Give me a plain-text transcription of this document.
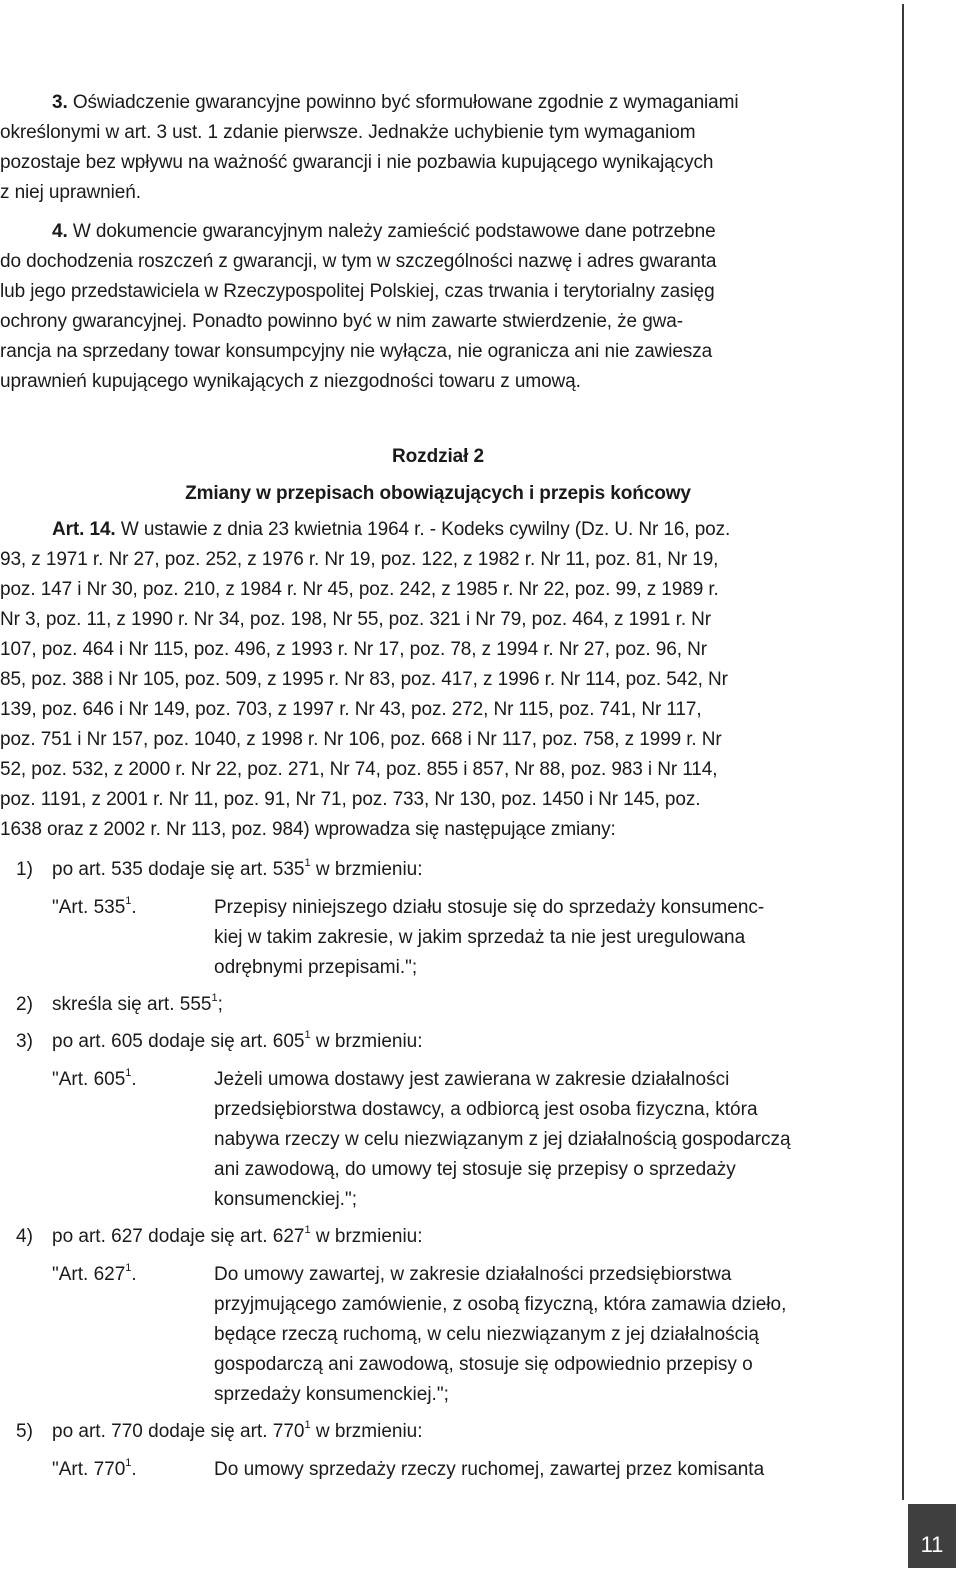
11
3. Oświadczenie gwarancyjne powinno być sformułowane zgodnie z wymaganiami
określonymi w art. 3 ust. 1 zdanie pierwsze. Jednakże uchybienie tym wymaganiom
pozostaje bez wpływu na ważność gwarancji i nie pozbawia kupującego wynikających
z niej uprawnień.
4. W dokumencie gwarancyjnym należy zamieścić podstawowe dane potrzebne
do dochodzenia roszczeń z gwarancji, w tym w szczególności nazwę i adres gwaranta
lub jego przedstawiciela w Rzeczypospolitej Polskiej, czas trwania i terytorialny zasięg
ochrony gwarancyjnej. Ponadto powinno być w nim zawarte stwierdzenie, że gwa-
rancja na sprzedany towar konsumpcyjny nie wyłącza, nie ogranicza ani nie zawiesza
uprawnień kupującego wynikających z niezgodności towaru z umową.
Rozdział 2
Zmiany w przepisach obowiązujących i przepis końcowy
Art. 14. W ustawie z dnia 23 kwietnia 1964 r. - Kodeks cywilny (Dz. U. Nr 16, poz.
93, z 1971 r. Nr 27, poz. 252, z 1976 r. Nr 19, poz. 122, z 1982 r. Nr 11, poz. 81, Nr 19,
poz. 147 i Nr 30, poz. 210, z 1984 r. Nr 45, poz. 242, z 1985 r. Nr 22, poz. 99, z 1989 r.
Nr 3, poz. 11, z 1990 r. Nr 34, poz. 198, Nr 55, poz. 321 i Nr 79, poz. 464, z 1991 r. Nr
107, poz. 464 i Nr 115, poz. 496, z 1993 r. Nr 17, poz. 78, z 1994 r. Nr 27, poz. 96, Nr
85, poz. 388 i Nr 105, poz. 509, z 1995 r. Nr 83, poz. 417, z 1996 r. Nr 114, poz. 542, Nr
139, poz. 646 i Nr 149, poz. 703, z 1997 r. Nr 43, poz. 272, Nr 115, poz. 741, Nr 117,
poz. 751 i Nr 157, poz. 1040, z 1998 r. Nr 106, poz. 668 i Nr 117, poz. 758, z 1999 r. Nr
52, poz. 532, z 2000 r. Nr 22, poz. 271, Nr 74, poz. 855 i 857, Nr 88, poz. 983 i Nr 114,
poz. 1191, z 2001 r. Nr 11, poz. 91, Nr 71, poz. 733, Nr 130, poz. 1450 i Nr 145, poz.
1638 oraz z 2002 r. Nr 113, poz. 984) wprowadza się następujące zmiany:
1) po art. 535 dodaje się art. $535^1$ w brzmieniu:
"Art. $535^1$.	Przepisy niniejszego działu stosuje się do sprzedaży konsumenc-
kiej w takim zakresie, w jakim sprzedaż ta nie jest uregulowana
odrębnymi przepisami.";
2) skreśla się art. $555^1$;
3) po art. 605 dodaje się art. $605^1$ w brzmieniu:
"Art. $605^1$.	Jeżeli umowa dostawy jest zawierana w zakresie działalności
przedsiębiorstwa dostawcy, a odbiorcą jest osoba fizyczna, która
nabywa rzeczy w celu niezwiązanym z jej działalnością gospodarczą
ani zawodową, do umowy tej stosuje się przepisy o sprzedaży
konsumenckiej.";
4) po art. 627 dodaje się art. $627^1$ w brzmieniu:
"Art. $627^1$.	Do umowy zawartej, w zakresie działalności przedsiębiorstwa
przyjmującego zamówienie, z osobą fizyczną, która zamawia dzieło,
będące rzeczą ruchomą, w celu niezwiązanym z jej działalnością
gospodarczą ani zawodową, stosuje się odpowiednio przepisy o
sprzedaży konsumenckiej.";
5) po art. 770 dodaje się art. $770^1$ w brzmieniu:
"Art. $770^1$.	Do umowy sprzedaży rzeczy ruchomej, zawartej przez komisanta
